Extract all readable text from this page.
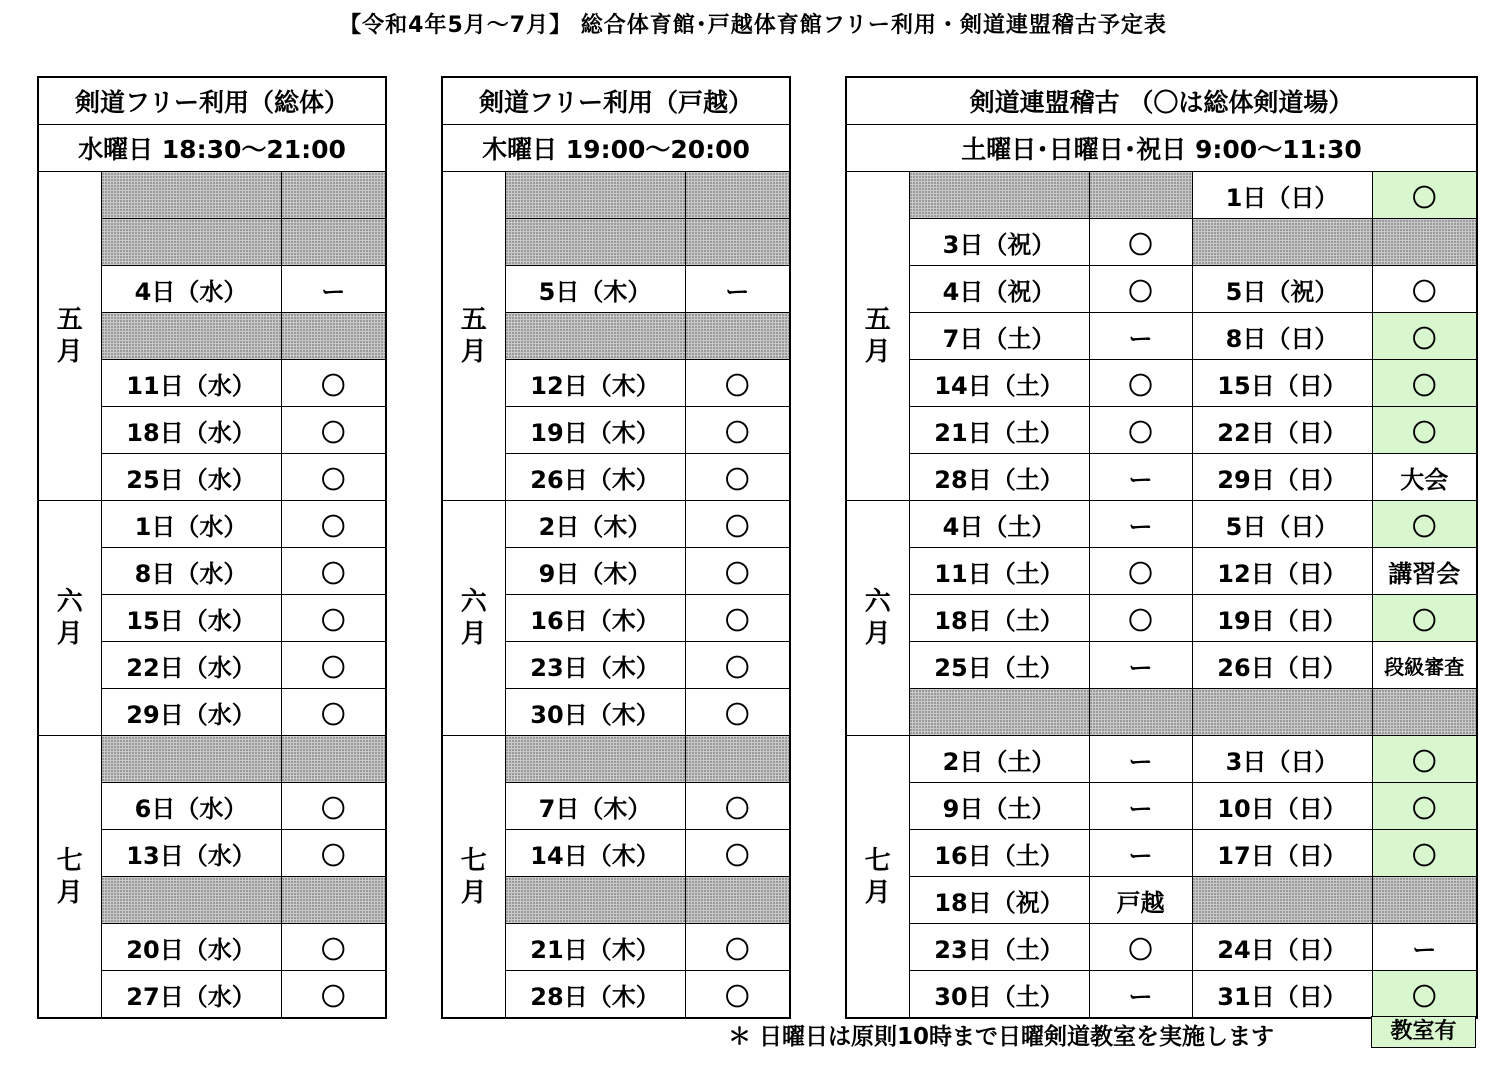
【令和4年5月～7月】 総合体育館･戸越体育館フリー利用・剣道連盟稽古予定表
剣道フリー利用（総体）		
水曜日 18:30～21:00		

五
月		

	4日（水）	ー

	11日（水）	〇
	18日（水）	〇
	25日（水）	〇

六
月	1日（水）	〇
	8日（水）	〇
	15日（水）	〇
	22日（水）	〇
	29日（水）	〇

七
月		

	6日（水）	〇
	13日（水）	〇

	20日（水）	〇
	27日（水）	〇
剣道フリー利用（戸越）		
木曜日 19:00～20:00		

五
月		

	5日（木）	ー

	12日（木）	〇
	19日（木）	〇
	26日（木）	〇

六
月	2日（木）	〇
	9日（木）	〇
	16日（木）	〇
	23日（木）	〇
	30日（木）	〇

七
月		

	7日（木）	〇
	14日（木）	〇

	21日（木）	〇
	28日（木）	〇
剣道連盟稽古 （〇は総体剣道場）				
土曜日･日曜日･祝日 9:00～11:30				

五
月			1日（日）	〇
	3日（祝）	〇		
	4日（祝）	〇	5日（祝）	〇
	7日（土）	ー	8日（日）	〇
	14日（土）	〇	15日（日）	〇
	21日（土）	〇	22日（日）	〇
	28日（土）	ー	29日（日）	大会

六
月	4日（土）	ー	5日（日）	〇
	11日（土）	〇	12日（日）	講習会
	18日（土）	〇	19日（日）	〇
	25日（土）	ー	26日（日）	段級審査

七
月	2日（土）	ー	3日（日）	〇
	9日（土）	ー	10日（日）	〇
	16日（土）	ー	17日（日）	〇
	18日（祝）	戸越		
	23日（土）	〇	24日（日）	ー
	30日（土）	ー	31日（日）	〇
＊ 日曜日は原則10時まで日曜剣道教室を実施します	教室有
